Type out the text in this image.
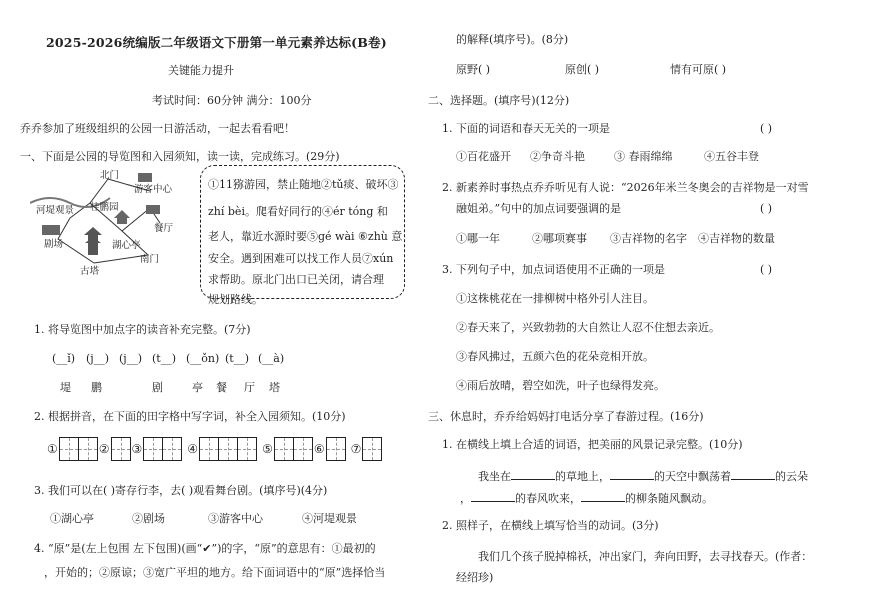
2025-2026统编版二年级语文下册第一单元素养达标(B卷)
关键能力提升
考试时间：60分钟 满分：100分
乔乔参加了班级组织的公园一日游活动，一起去看看吧！
一、下面是公园的导览图和入园须知，读一读，完成练习。(29分)
北门
游客中心
河堤观景 桂鹏园
剧场	湖心亭
餐厅
南门
古塔
①11猕游园，禁止随地②tǔ痰、破坏③
zhí bèi。爬看好同行的④ér tóng 和
老人，靠近水源时要⑤gé wài ⑥zhù 意
安全。遇到困难可以找工作人员⑦xún
求帮助。原北门出口已关闭，请合理
规划路线。
1. 将导览图中加点字的读音补充完整。(7分)
(__ǐ) (j__) (j__) (t__) (__ǒn) (t__) (__à)
堤 鹏	剧	亭 餐 厅 塔
2. 根据拼音，在下面的田字格中写字词，补全入园须知。(10分)
①	② ③	④	⑤	⑥ ⑦
3. 我们可以在( )寄存行李，去( )观看舞台剧。(填序号)(4分)
①湖心亭	②剧场	③游客中心	④河堤观景
4. “原”是(左上包围 左下包围)(画“✔”)的字，“原”的意思有：①最初的
，开始的；②原谅；③宽广平坦的地方。给下面词语中的“原”选择恰当
的解释(填序号)。(8分)
原野( )	原创( )	情有可原( )
二、选择题。(填序号)(12分)
1. 下面的词语和春天无关的一项是	( )
①百花盛开 ②争奇斗艳	③ 春雨绵绵	④五谷丰登
2. 新素养时事热点乔乔听见有人说：“2026年米兰冬奥会的吉祥物是一对雪
融姐弟。”句中的加点词要强调的是	( )
①哪一年	②哪项赛事 ③吉祥物的名字 ④吉祥物的数量
3. 下列句子中，加点词语使用不正确的一项是	( )
①这株桃花在一排柳树中格外引人注目。
②春天来了，兴致勃勃的大自然让人忍不住想去亲近。
③春风拂过，五颜六色的花朵竞相开放。
④雨后放晴，碧空如洗，叶子也绿得发亮。
三、休息时，乔乔给妈妈打电话分享了春游过程。(16分)
1. 在横线上填上合适的词语，把美丽的风景记录完整。(10分)
我坐在	的草地上，	的天空中飘荡着	的云朵
，	的春风吹来，	的柳条随风飘动。
2. 照样子，在横线上填写恰当的动词。(3分)
我们几个孩子脱掉棉袄，冲出家门，奔向田野，去寻找春天。(作者：
经绍珍)
